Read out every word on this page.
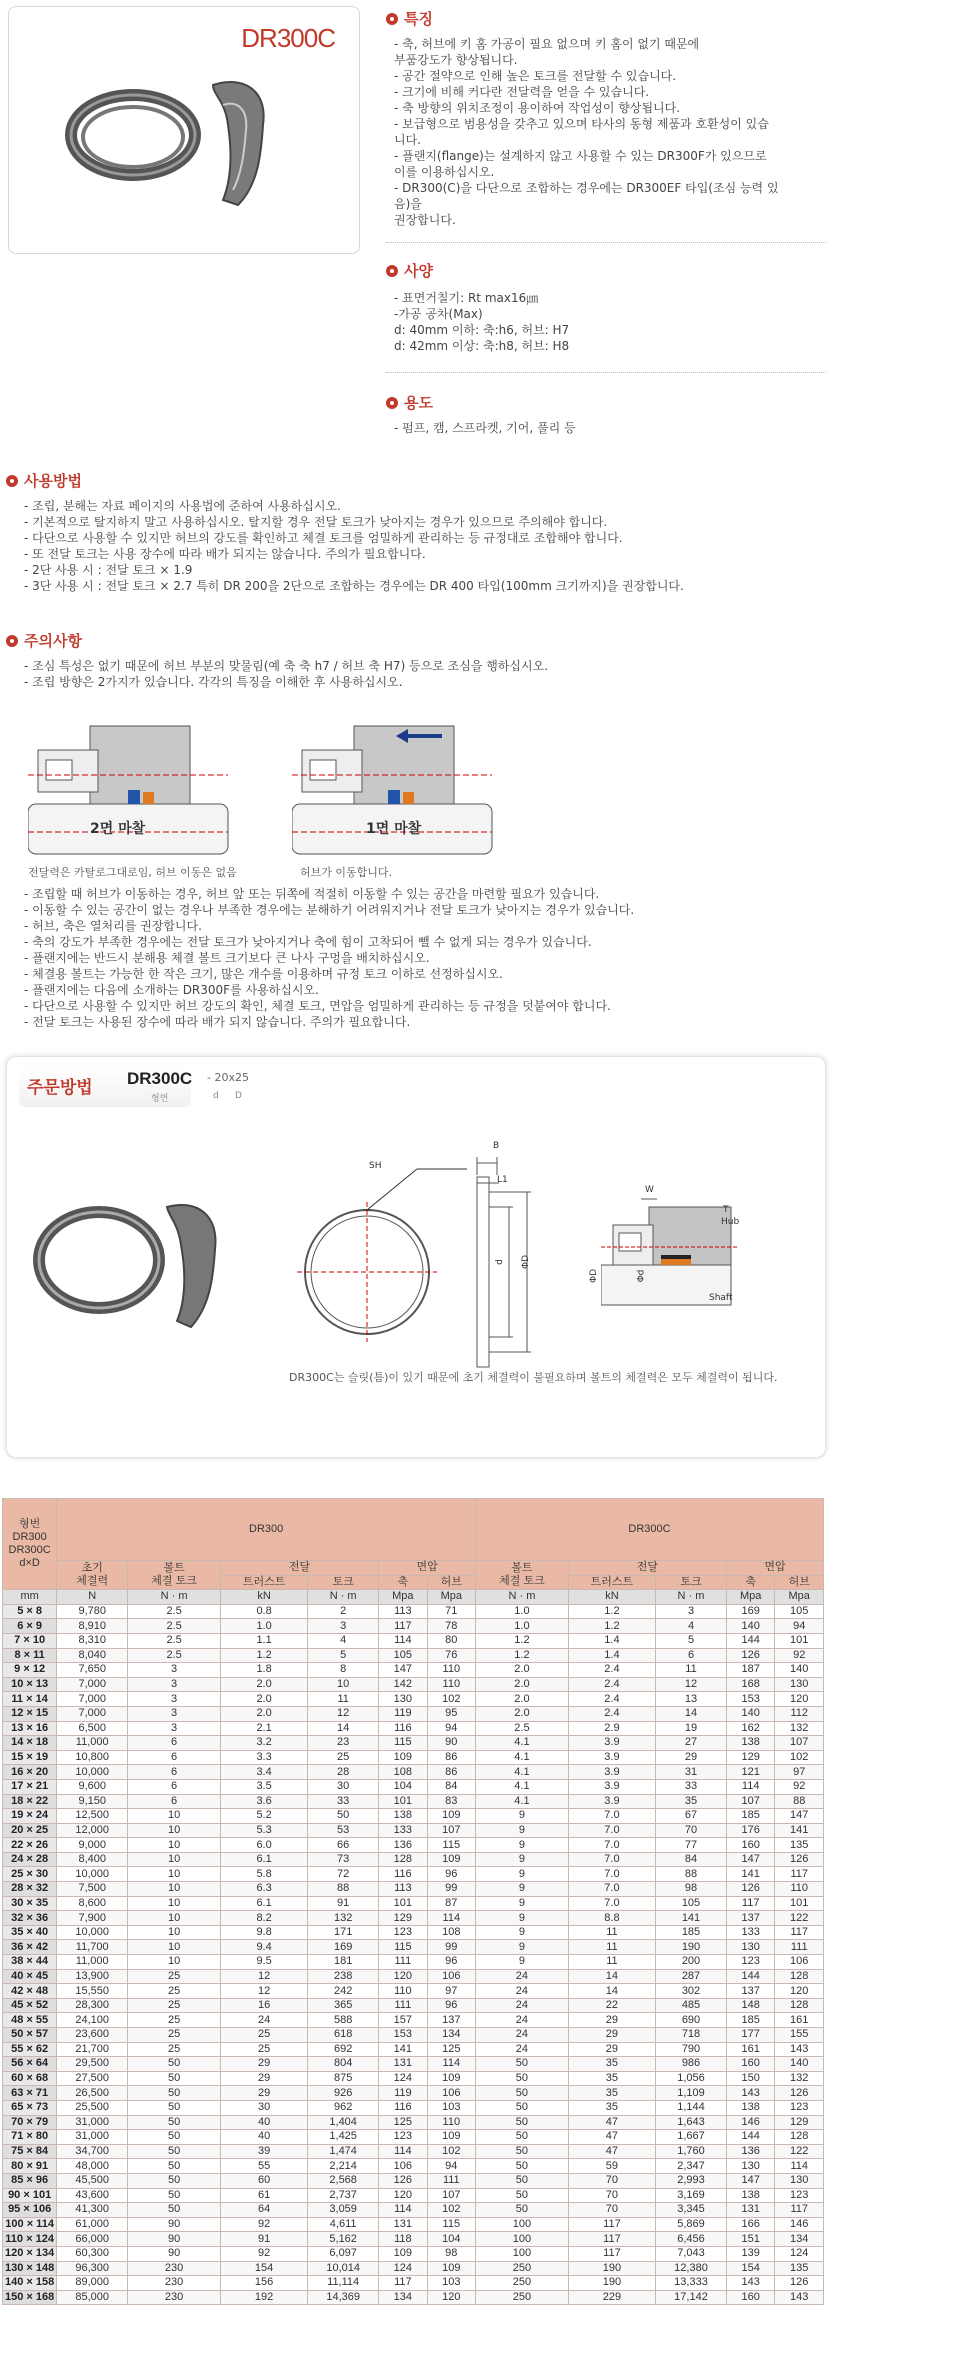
DR300C
특징
- 축, 허브에 키 홈 가공이 필요 없으며 키 홈이 없기 때문에
부품강도가 향상됩니다.
- 공간 절약으로 인해 높은 토크를 전달할 수 있습니다.
- 크기에 비해 커다란 전달력을 얻을 수 있습니다.
- 축 방향의 위치조정이 용이하여 작업성이 향상됩니다.
- 보급형으로 범용성을 갖추고 있으며 타사의 동형 제품과 호환성이 있습
니다.
- 플랜지(flange)는 설계하지 않고 사용할 수 있는 DR300F가 있으므로
이를 이용하십시오.
- DR300(C)을 다단으로 조합하는 경우에는 DR300EF 타입(조심 능력 있
음)을
권장합니다.
사양
- 표면거칠기: Rt max16㎛
-가공 공차(Max)
d: 40mm 이하: 축:h6, 허브: H7
d: 42mm 이상: 축:h8, 허브: H8
용도
- 펌프, 캠, 스프라켓, 기어, 풀리 등
사용방법
- 조립, 분해는 자료 페이지의 사용법에 준하여 사용하십시오.
- 기본적으로 탈지하지 말고 사용하십시오. 탈지할 경우 전달 토크가 낮아지는 경우가 있으므로 주의해야 합니다.
- 다단으로 사용할 수 있지만 허브의 강도를 확인하고 체결 토크를 엄밀하게 관리하는 등 규정대로 조합해야 합니다.
- 또 전달 토크는 사용 장수에 따라 배가 되지는 않습니다. 주의가 필요합니다.
- 2단 사용 시 : 전달 토크 × 1.9
- 3단 사용 시 : 전달 토크 × 2.7 특히 DR 200을 2단으로 조합하는 경우에는 DR 400 타입(100mm 크기까지)을 권장합니다.
주의사항
- 조심 특성은 없기 때문에 허브 부분의 맞물림(예 축 축 h7 / 허브 축 H7) 등으로 조심을 행하십시오.
- 조립 방향은 2가지가 있습니다. 각각의 특징을 이해한 후 사용하십시오.
2면 마찰
전달력은 카탈로그대로임, 허브 이동은 없음
1면 마찰
허브가 이동합니다.
- 조립할 때 허브가 이동하는 경우, 허브 앞 또는 뒤쪽에 적절히 이동할 수 있는 공간을 마련할 필요가 있습니다.
- 이동할 수 있는 공간이 없는 경우나 부족한 경우에는 분해하기 어려워지거나 전달 토크가 낮아지는 경우가 있습니다.
- 허브, 축은 열처리를 권장합니다.
- 축의 강도가 부족한 경우에는 전달 토크가 낮아지거나 축에 힘이 고착되어 뺄 수 없게 되는 경우가 있습니다.
- 플랜지에는 반드시 분해용 체결 볼트 크기보다 큰 나사 구멍을 배치하십시오.
- 체결용 볼트는 가능한 한 작은 크기, 많은 개수를 이용하며 규정 토크 이하로 선정하십시오.
- 플랜지에는 다음에 소개하는 DR300F를 사용하십시오.
- 다단으로 사용할 수 있지만 허브 강도의 확인, 체결 토크, 면압을 엄밀하게 관리하는 등 규정을 덧붙여야 합니다.
- 전달 토크는 사용된 장수에 따라 배가 되지 않습니다. 주의가 필요합니다.
주문방법 DR300C - 20x25
형번	d D
SH
B
L1
d ΦD
W
T
Hub
Shaft
ΦD	Φd
DR300C는 슬릿(틈)이 있기 때문에 초기 체결력이 불필요하며 볼트의 체결력은 모두 체결력이 됩니다.
형번
DR300
DR300C
d×D	DR300						DR300C				
	초기
체결력	볼트
체결 토크	전달		면압		볼트
체결 토크	전달		면압	
			트러스트	토크	축	허브		트러스트	토크	축	허브
mm	N	N · m	kN	N · m	Mpa	Mpa	N · m	kN	N · m	Mpa	Mpa
5 × 8	9,780	2.5	0.8	2	113	71	1.0	1.2	3	169	105
6 × 9	8,910	2.5	1.0	3	117	78	1.0	1.2	4	140	94
7 × 10	8,310	2.5	1.1	4	114	80	1.2	1.4	5	144	101
8 × 11	8,040	2.5	1.2	5	105	76	1.2	1.4	6	126	92
9 × 12	7,650	3	1.8	8	147	110	2.0	2.4	11	187	140
10 × 13	7,000	3	2.0	10	142	110	2.0	2.4	12	168	130
11 × 14	7,000	3	2.0	11	130	102	2.0	2.4	13	153	120
12 × 15	7,000	3	2.0	12	119	95	2.0	2.4	14	140	112
13 × 16	6,500	3	2.1	14	116	94	2.5	2.9	19	162	132
14 × 18	11,000	6	3.2	23	115	90	4.1	3.9	27	138	107
15 × 19	10,800	6	3.3	25	109	86	4.1	3.9	29	129	102
16 × 20	10,000	6	3.4	28	108	86	4.1	3.9	31	121	97
17 × 21	9,600	6	3.5	30	104	84	4.1	3.9	33	114	92
18 × 22	9,150	6	3.6	33	101	83	4.1	3.9	35	107	88
19 × 24	12,500	10	5.2	50	138	109	9	7.0	67	185	147
20 × 25	12,000	10	5.3	53	133	107	9	7.0	70	176	141
22 × 26	9,000	10	6.0	66	136	115	9	7.0	77	160	135
24 × 28	8,400	10	6.1	73	128	109	9	7.0	84	147	126
25 × 30	10,000	10	5.8	72	116	96	9	7.0	88	141	117
28 × 32	7,500	10	6.3	88	113	99	9	7.0	98	126	110
30 × 35	8,600	10	6.1	91	101	87	9	7.0	105	117	101
32 × 36	7,900	10	8.2	132	129	114	9	8.8	141	137	122
35 × 40	10,000	10	9.8	171	123	108	9	11	185	133	117
36 × 42	11,700	10	9.4	169	115	99	9	11	190	130	111
38 × 44	11,000	10	9.5	181	111	96	9	11	200	123	106
40 × 45	13,900	25	12	238	120	106	24	14	287	144	128
42 × 48	15,550	25	12	242	110	97	24	14	302	137	120
45 × 52	28,300	25	16	365	111	96	24	22	485	148	128
48 × 55	24,100	25	24	588	157	137	24	29	690	185	161
50 × 57	23,600	25	25	618	153	134	24	29	718	177	155
55 × 62	21,700	25	25	692	141	125	24	29	790	161	143
56 × 64	29,500	50	29	804	131	114	50	35	986	160	140
60 × 68	27,500	50	29	875	124	109	50	35	1,056	150	132
63 × 71	26,500	50	29	926	119	106	50	35	1,109	143	126
65 × 73	25,500	50	30	962	116	103	50	35	1,144	138	123
70 × 79	31,000	50	40	1,404	125	110	50	47	1,643	146	129
71 × 80	31,000	50	40	1,425	123	109	50	47	1,667	144	128
75 × 84	34,700	50	39	1,474	114	102	50	47	1,760	136	122
80 × 91	48,000	50	55	2,214	106	94	50	59	2,347	130	114
85 × 96	45,500	50	60	2,568	126	111	50	70	2,993	147	130
90 × 101	43,600	50	61	2,737	120	107	50	70	3,169	138	123
95 × 106	41,300	50	64	3,059	114	102	50	70	3,345	131	117
100 × 114	61,000	90	92	4,611	131	115	100	117	5,869	166	146
110 × 124	66,000	90	91	5,162	118	104	100	117	6,456	151	134
120 × 134	60,300	90	92	6,097	109	98	100	117	7,043	139	124
130 × 148	96,300	230	154	10,014	124	109	250	190	12,380	154	135
140 × 158	89,000	230	156	11,114	117	103	250	190	13,333	143	126
150 × 168	85,000	230	192	14,369	134	120	250	229	17,142	160	143
